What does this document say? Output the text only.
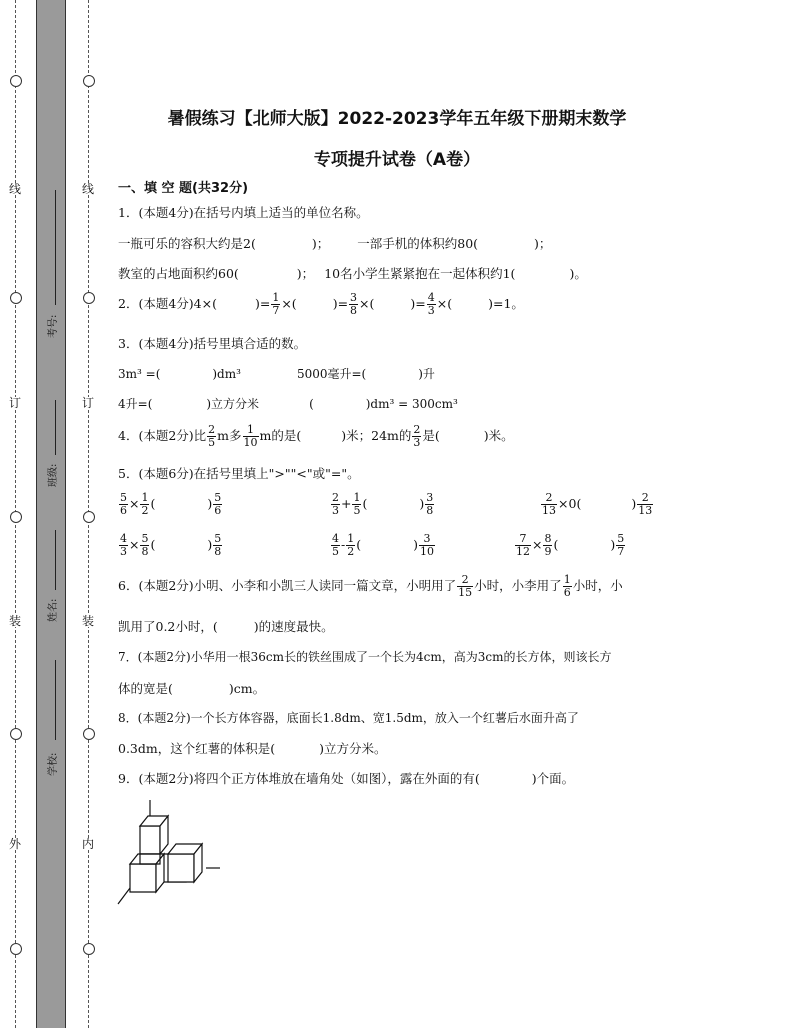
线
订
装
外
线
订
装
内
考号:
班级:
姓名:
学校:
暑假练习【北师大版】2022-2023学年五年级下册期末数学
专项提升试卷（A卷）
一、填 空 题(共32分)
1．(本题4分)在括号内填上适当的单位名称。
一瓶可乐的容积大约是2(	)； 一部手机的体积约80(	)；
教室的占地面积约60(	)； 10名小学生紧紧抱在一起体积约1(	)。
2．(本题4分)4×(	)= $\frac{1}{7}$ ×(	)= $\frac{3}{8}$ ×(	)= $\frac{4}{3}$ ×(	)=1。
3．(本题4分)括号里填合适的数。
3m³ =(	)dm³	5000毫升=(	)升
4升=(	)立方分米	(	)dm³ = 300cm³
4．(本题2分)比 $\frac{2}{5}$ m多 $\frac{1}{10}$ m的是(	)米；24m的 $\frac{2}{3}$ 是(	)米。
5．(本题6分)在括号里填上">""<"或"="。
$\frac{5}{6} \times \frac{1}{2}$ (	) $\frac{5}{6}$	$\frac{2}{3} + \frac{1}{5}$ (	) $\frac{3}{8}$	$\frac{2}{13} \times 0$(	) $\frac{2}{13}$
$\frac{4}{3} \times \frac{5}{8}$ (	) $\frac{5}{8}$	$\frac{4}{5} - \frac{1}{2}$ (	) $\frac{3}{10}$	$\frac{7}{12} \times \frac{8}{9}$ (	) $\frac{5}{7}$
6．(本题2分)小明、小李和小凯三人读同一篇文章，小明用了 $\frac{2}{15}$ 小时，小李用了 $\frac{1}{6}$ 小时，小
凯用了0.2小时，(	)的速度最快。
7．(本题2分)小华用一根36cm长的铁丝围成了一个长为4cm，高为3cm的长方体，则该长方
体的宽是(	)cm。
8．(本题2分)一个长方体容器，底面长1.8dm、宽1.5dm，放入一个红薯后水面升高了
0.3dm，这个红薯的体积是(	)立方分米。
9．(本题2分)将四个正方体堆放在墙角处（如图），露在外面的有(	)个面。
